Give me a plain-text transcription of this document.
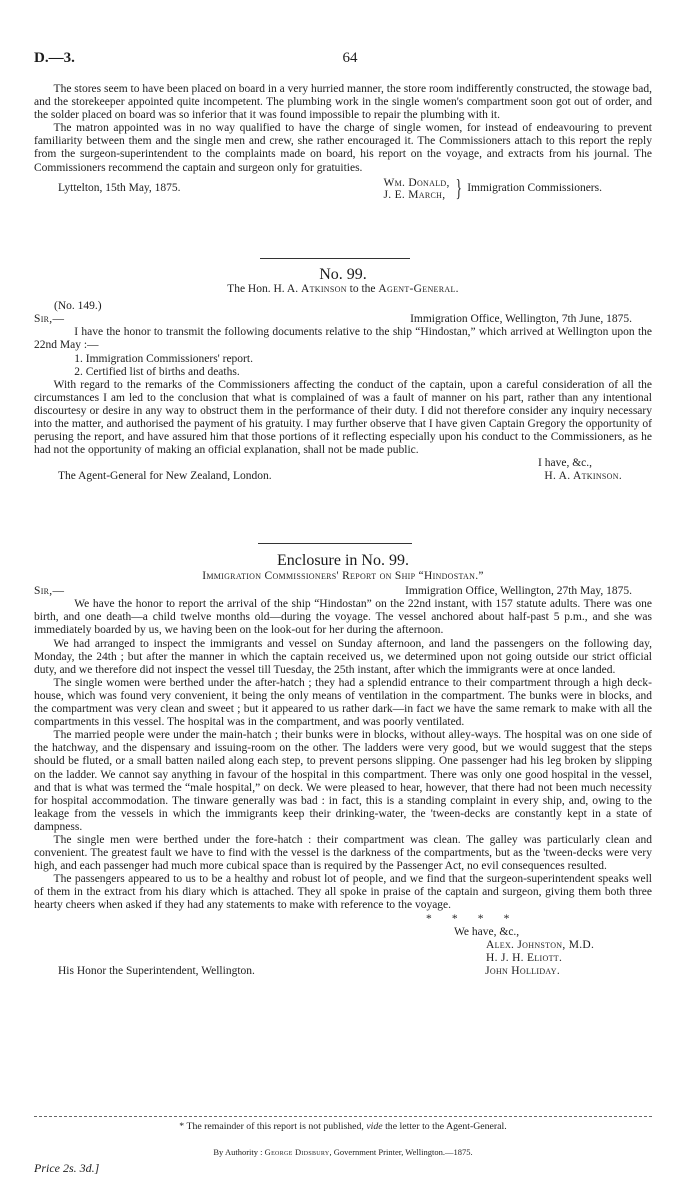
D.—3.	64

The stores seem to have been placed on board in a very hurried manner, the store room indifferently constructed, the stowage bad, and the storekeeper appointed quite incompetent. The plumbing work in the single women's compartment soon got out of order, and the solder placed on board was so inferior that it was found impossible to repair the plumbing with it.

The matron appointed was in no way qualified to have the charge of single women, for instead of endeavouring to prevent familiarity between them and the single men and crew, she rather encouraged it. The Commissioners attach to this report the reply from the surgeon-superintendent to the complaints made on board, his report on the voyage, and extracts from his journal. The Commissioners recommend the captain and surgeon only for gratuities.

Lyttelton, 15th May, 1875.	Wm. Donald,
J. E. March, } Immigration Commissioners.
No. 99.
The Hon. H. A. Atkinson to the Agent-General.
(No. 149.)
Sir,—	Immigration Office, Wellington, 7th June, 1875.

I have the honor to transmit the following documents relative to the ship “Hindostan,” which arrived at Wellington upon the 22nd May :—

1. Immigration Commissioners' report.
2. Certified list of births and deaths.

With regard to the remarks of the Commissioners affecting the conduct of the captain, upon a careful consideration of all the circumstances I am led to the conclusion that what is complained of was a fault of manner on his part, rather than any intentional discourtesy or desire in any way to obstruct them in the performance of their duty. I did not therefore consider any inquiry necessary into the matter, and authorised the payment of his gratuity. I may further observe that I have given Captain Gregory the opportunity of perusing the report, and have assured him that those portions of it reflecting especially upon his conduct to the Commissioners, as he had not the opportunity of making an official explanation, shall not be made public.

I have, &c.,
The Agent-General for New Zealand, London.	H. A. Atkinson.
Enclosure in No. 99.
Immigration Commissioners' Report on Ship “Hindostan.”
Sir,—	Immigration Office, Wellington, 27th May, 1875.

We have the honor to report the arrival of the ship “Hindostan” on the 22nd instant, with 157 statute adults. There was one birth, and one death—a child twelve months old—during the voyage. The vessel anchored about half-past 5 p.m., and she was immediately boarded by us, we having been on the look-out for her during the afternoon.

We had arranged to inspect the immigrants and vessel on Sunday afternoon, and land the passengers on the following day, Monday, the 24th ; but after the manner in which the captain received us, we determined upon not going outside our strict official duty, and we therefore did not inspect the vessel till Tuesday, the 25th instant, after which the immigrants were at once landed.

The single women were berthed under the after-hatch ; they had a splendid entrance to their compartment through a high deck-house, which was found very convenient, it being the only means of ventilation in the compartment. The bunks were in blocks, and the compartment was very clean and sweet ; but it appeared to us rather dark—in fact we have the same remark to make with all the compartments in this vessel. The hospital was in the compartment, and was poorly ventilated.

The married people were under the main-hatch ; their bunks were in blocks, without alley-ways. The hospital was on one side of the hatchway, and the dispensary and issuing-room on the other. The ladders were very good, but we would suggest that the steps should be fluted, or a small batten nailed along each step, to prevent persons slipping. One passenger had his leg broken by slipping on the ladder. We cannot say anything in favour of the hospital in this compartment. There was only one good hospital in the vessel, and that is what was termed the “male hospital,” on deck. We were pleased to hear, however, that there had not been much necessity for hospital accommodation. The tinware generally was bad : in fact, this is a standing complaint in every ship, and, owing to the leakage from the vessels in which the immigrants keep their drinking-water, the 'tween-decks are constantly kept in a state of dampness.

The single men were berthed under the fore-hatch : their compartment was clean. The galley was particularly clean and convenient. The greatest fault we have to find with the vessel is the darkness of the compartments, but as the 'tween-decks were very high, and each passenger had much more cubical space than is required by the Passenger Act, no evil consequences resulted.

The passengers appeared to us to be a healthy and robust lot of people, and we find that the surgeon-superintendent speaks well of them in the extract from his diary which is attached. They all spoke in praise of the captain and surgeon, giving them both three hearty cheers when asked if they had any statements to make with reference to the voyage.

*       *       *       *
We have, &c.,
Alex. Johnston, M.D.
H. J. H. Eliott.
His Honor the Superintendent, Wellington.	John Holliday.
* The remainder of this report is not published, vide the letter to the Agent-General.
By Authority : George Didsbury, Government Printer, Wellington.—1875.
Price 2s. 3d.]
